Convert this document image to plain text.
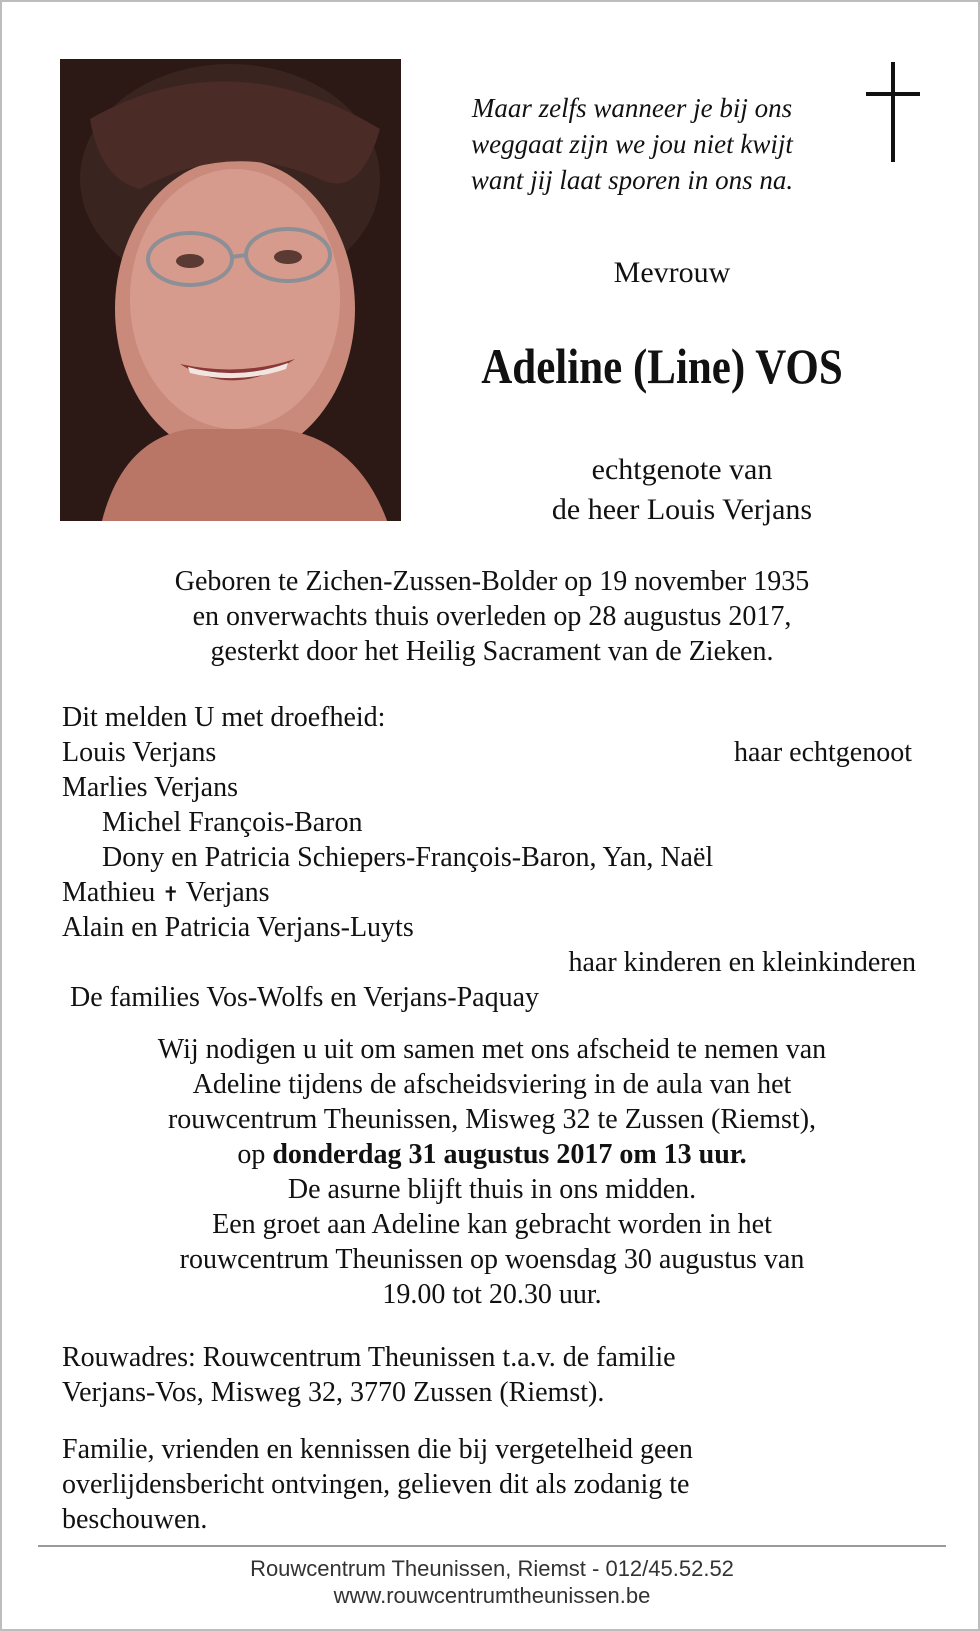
Maar zelfs wanneer je bij ons
weggaat zijn we jou niet kwijt
want jij laat sporen in ons na.
Mevrouw
Adeline (Line) VOS
echtgenote van
de heer Louis Verjans
Geboren te Zichen-Zussen-Bolder op 19 november 1935
en onverwachts thuis overleden op 28 augustus 2017,
gesterkt door het Heilig Sacrament van de Zieken.
Dit melden U met droefheid:
Louis Verjans	haar echtgenoot
Marlies Verjans
Michel François-Baron
Dony en Patricia Schiepers-François-Baron, Yan, Naël
Mathieu ✝ Verjans
Alain en Patricia Verjans-Luyts
haar kinderen en kleinkinderen
De families Vos-Wolfs en Verjans-Paquay
Wij nodigen u uit om samen met ons afscheid te nemen van
Adeline tijdens de afscheidsviering in de aula van het
rouwcentrum Theunissen, Misweg 32 te Zussen (Riemst),
op donderdag 31 augustus 2017 om 13 uur.
De asurne blijft thuis in ons midden.
Een groet aan Adeline kan gebracht worden in het
rouwcentrum Theunissen op woensdag 30 augustus van
19.00 tot 20.30 uur.
Rouwadres: Rouwcentrum Theunissen t.a.v. de familie
Verjans-Vos, Misweg 32, 3770 Zussen (Riemst).
Familie, vrienden en kennissen die bij vergetelheid geen
overlijdensbericht ontvingen, gelieven dit als zodanig te
beschouwen.
Rouwcentrum Theunissen, Riemst - 012/45.52.52
www.rouwcentrumtheunissen.be
